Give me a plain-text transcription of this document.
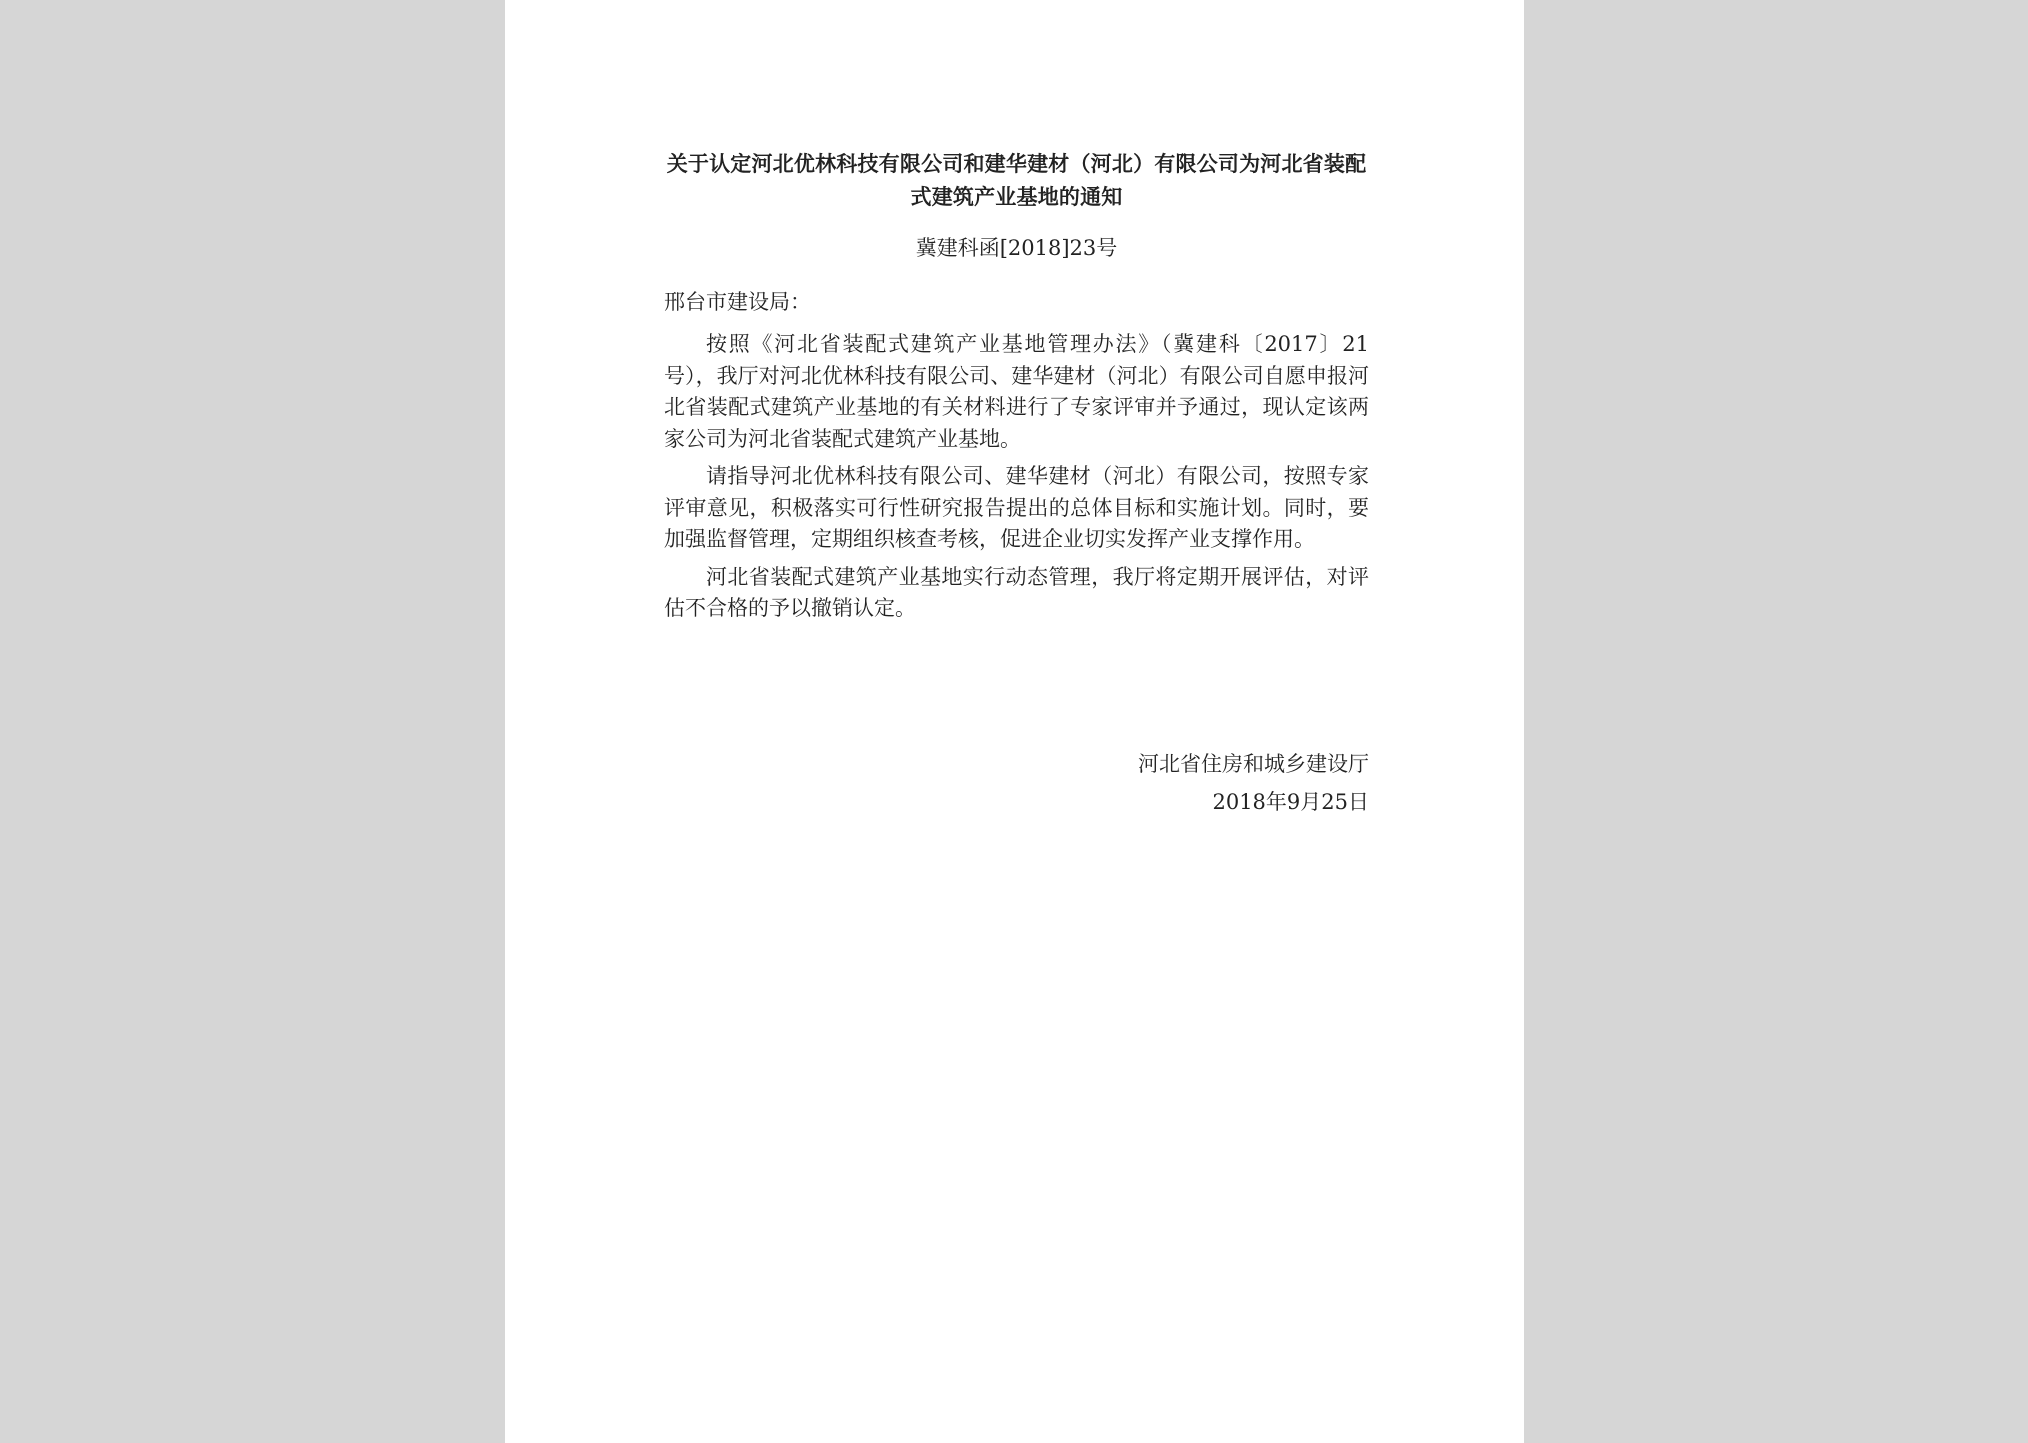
关于认定河北优林科技有限公司和建华建材（河北）有限公司为河北省装配式建筑产业基地的通知
冀建科函[2018]23号
邢台市建设局：

按照《河北省装配式建筑产业基地管理办法》（冀建科〔2017〕21号），我厅对河北优林科技有限公司、建华建材（河北）有限公司自愿申报河北省装配式建筑产业基地的有关材料进行了专家评审并予通过，现认定该两家公司为河北省装配式建筑产业基地。

请指导河北优林科技有限公司、建华建材（河北）有限公司，按照专家评审意见，积极落实可行性研究报告提出的总体目标和实施计划。同时，要加强监督管理，定期组织核查考核，促进企业切实发挥产业支撑作用。

河北省装配式建筑产业基地实行动态管理，我厅将定期开展评估，对评估不合格的予以撤销认定。

河北省住房和城乡建设厅
2018年9月25日
